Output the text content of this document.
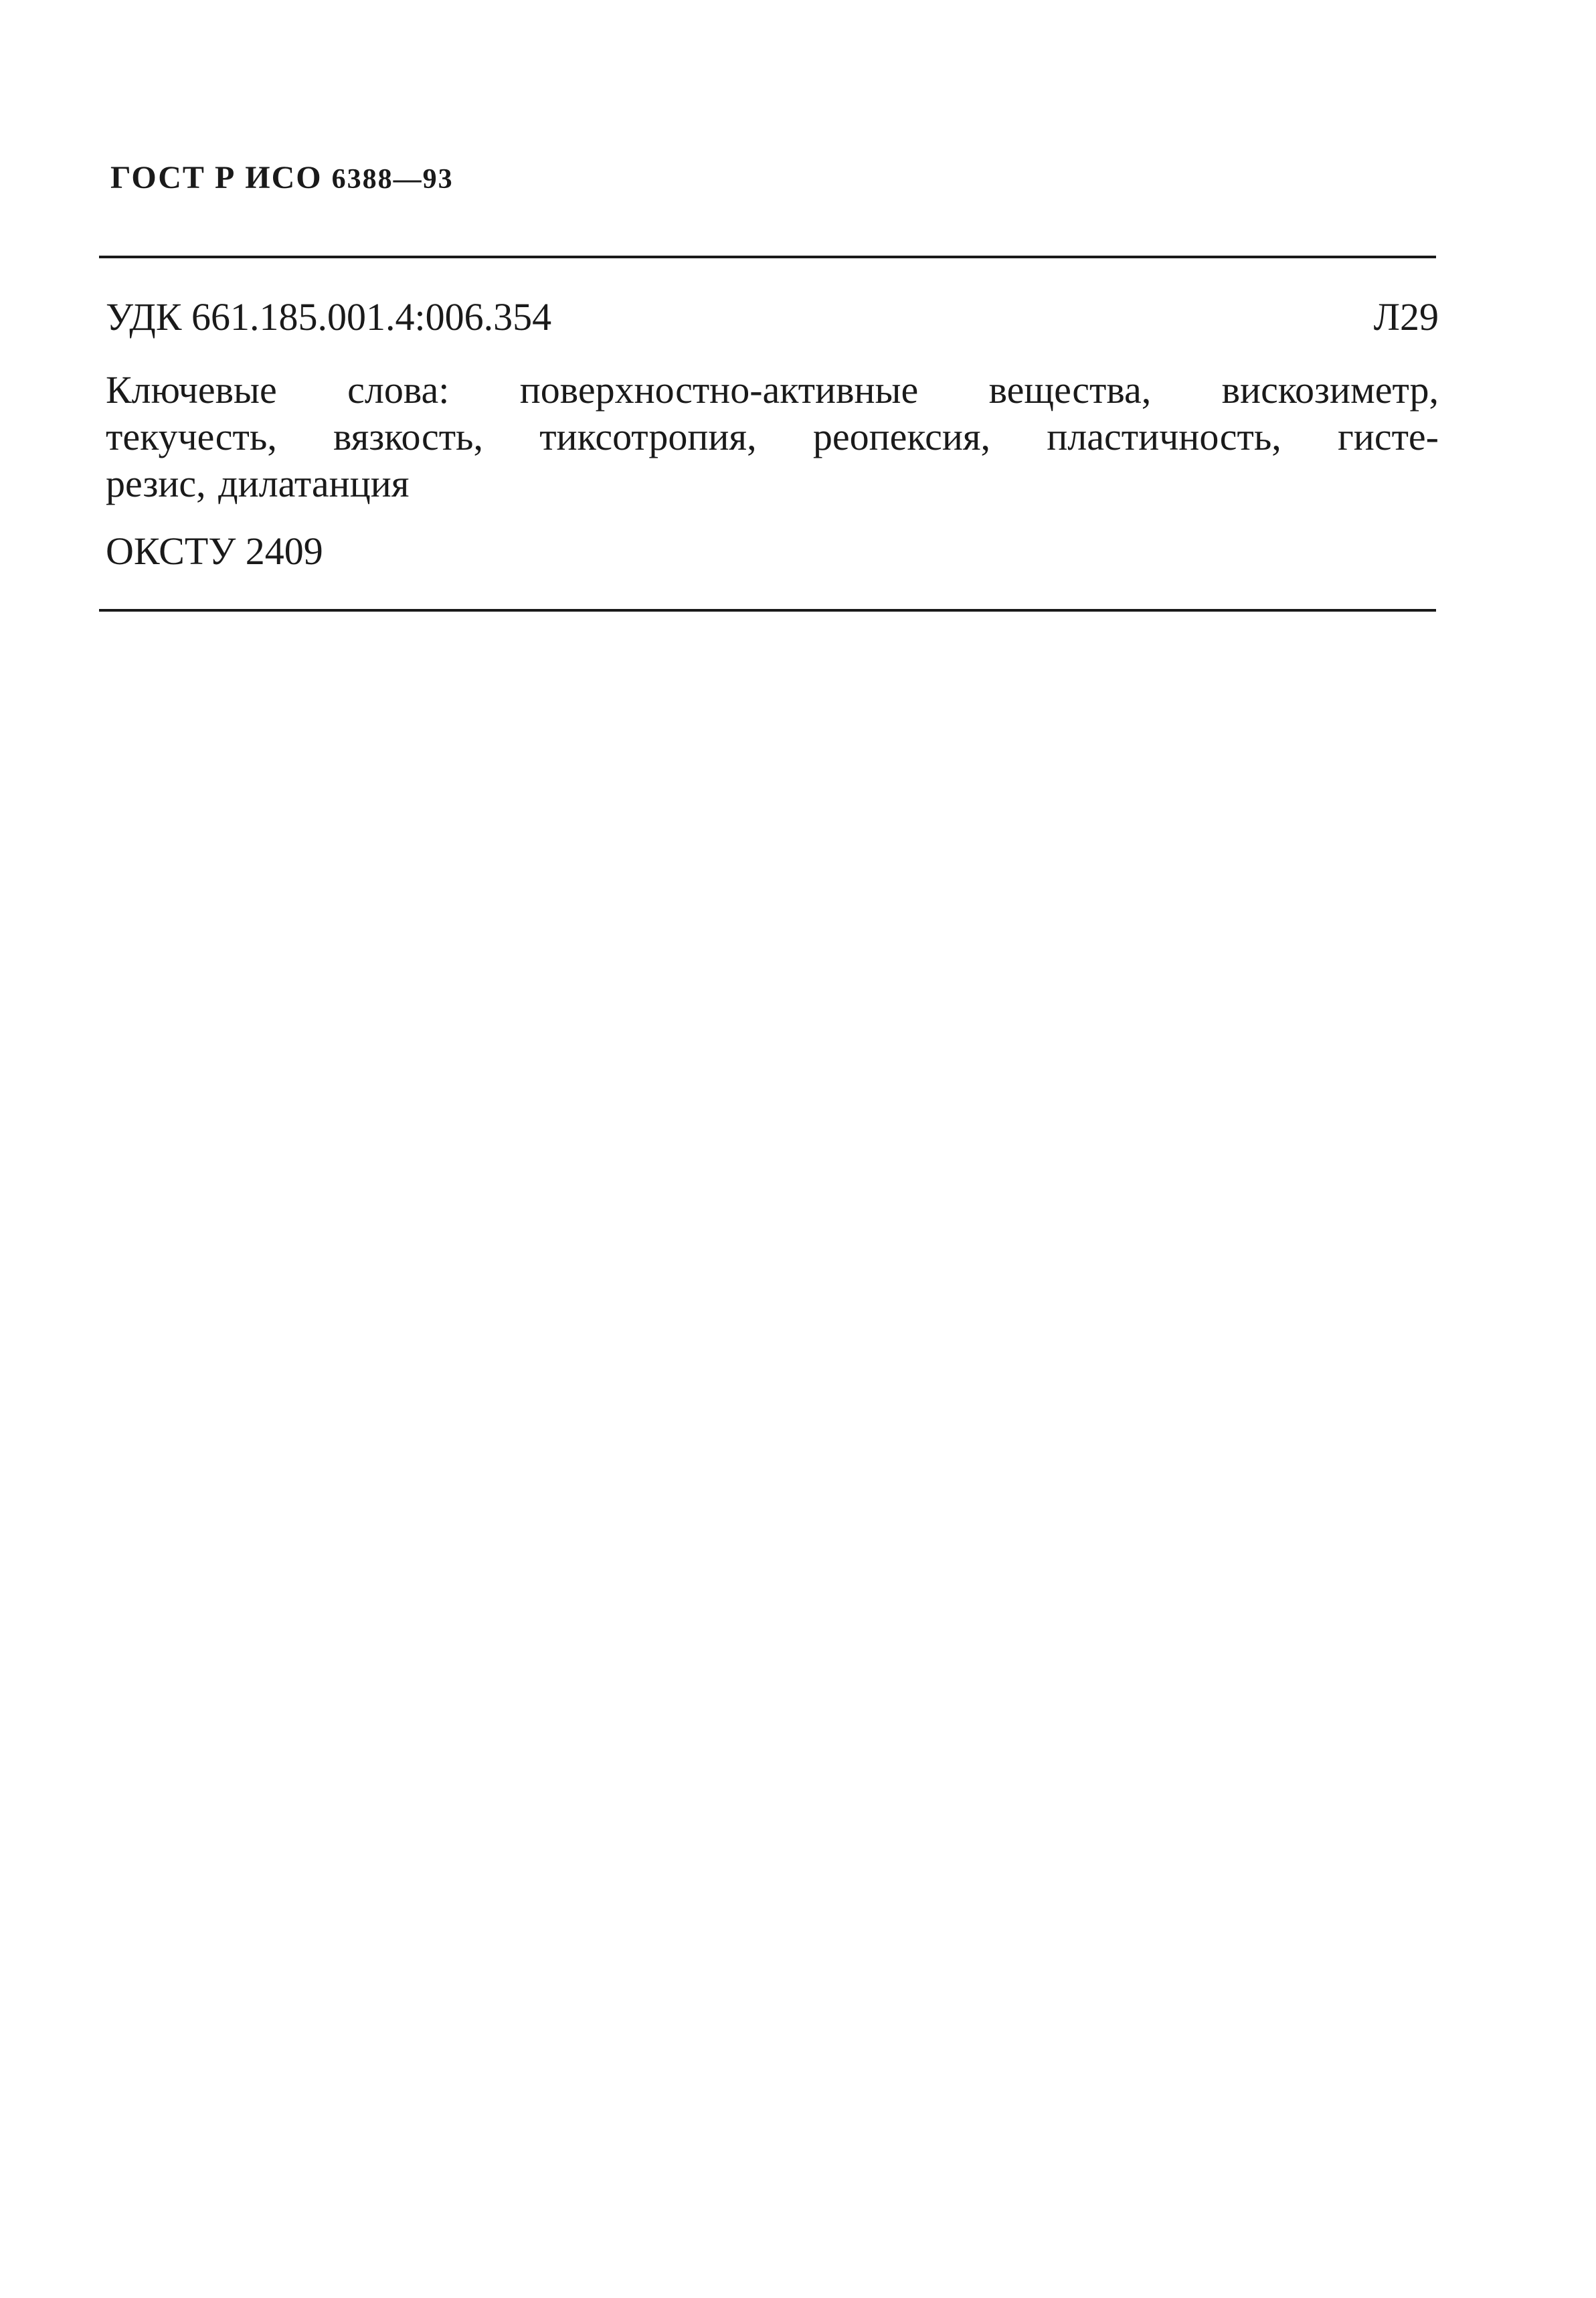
ГОСТ Р ИСО 6388—93
УДК 661.185.001.4:006.354	Л29
Ключевые слова: поверхностно-активные вещества, вискозиметр,
текучесть, вязкость, тиксотропия, реопексия, пластичность, гисте-
резис, дилатанция
ОКСТУ 2409
